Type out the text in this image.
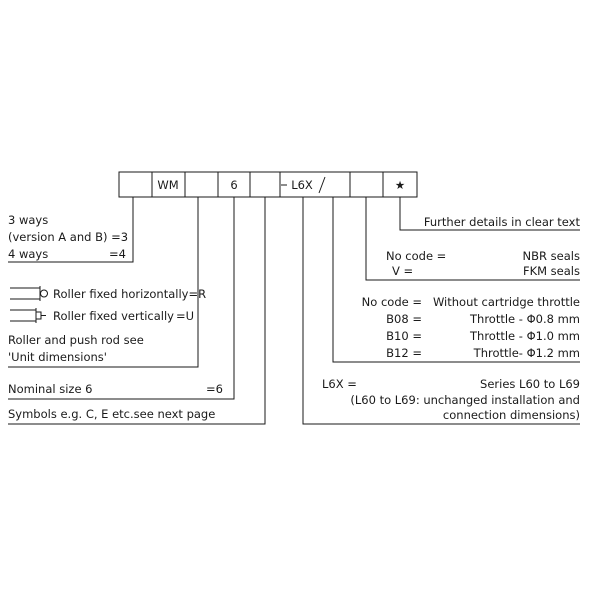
WM	6	L6X	★
3 ways
(version A and B) =3
4 ways	=4
Roller fixed horizontally=R
Roller fixed vertically =U
Roller and push rod see
'Unit dimensions'
Nominal size 6	=6
Symbols e.g. C, E etc.see next page
Further details in clear text
No code =	NBR seals
V =	FKM seals
No code = Without cartridge throttle
B08 =	Throttle - Φ0.8 mm
B10 =	Throttle - Φ1.0 mm
B12 =	Throttle- Φ1.2 mm
L6X =	Series L60 to L69
(L60 to L69: unchanged installation and
connection dimensions)
